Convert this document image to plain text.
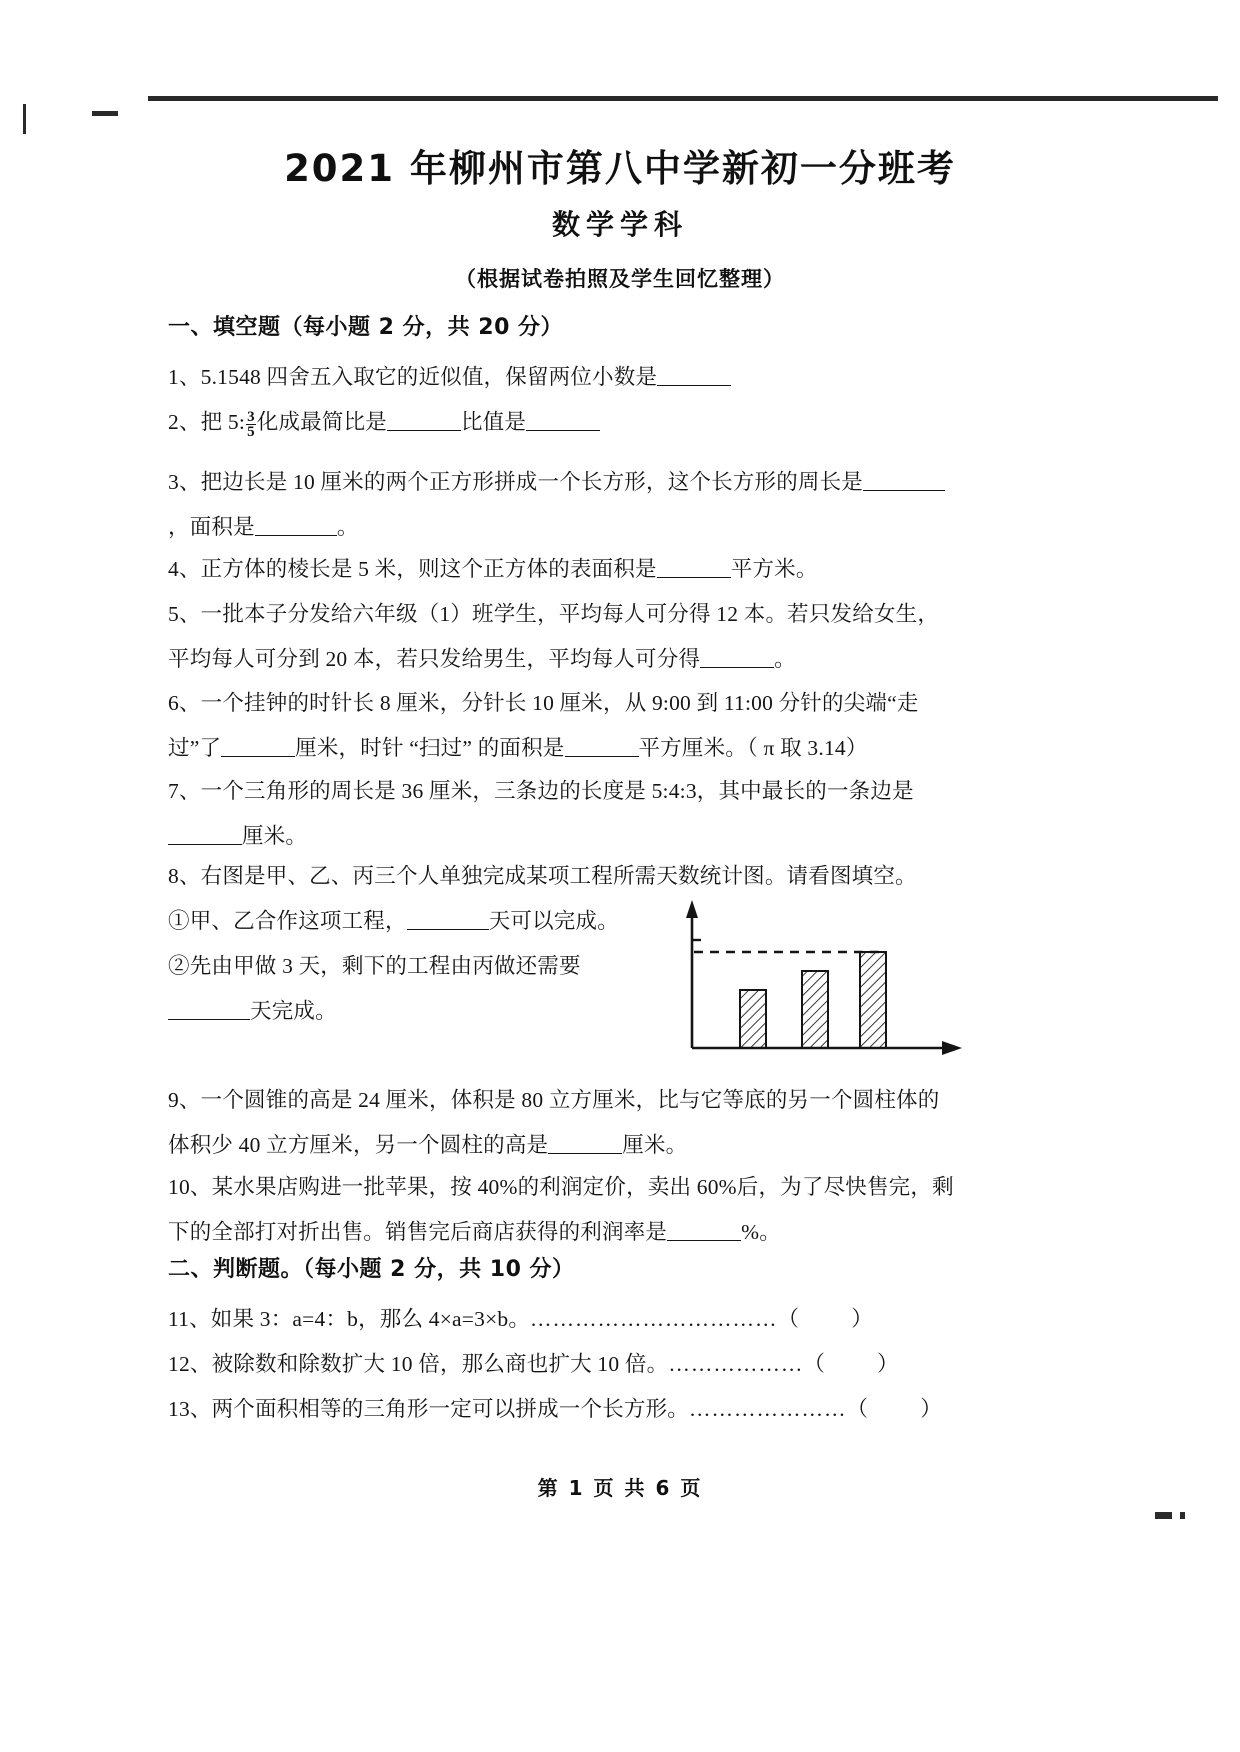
2021 年柳州市第八中学新初一分班考
数学学科
（根据试卷拍照及学生回忆整理）
一、填空题（每小题 2 分，共 20 分）
1、5.1548 四舍五入取它的近似值，保留两位小数是
2、把 5: $\frac{3}{5}$ 化成最简比是	比值是
3、把边长是 10 厘米的两个正方形拼成一个长方形，这个长方形的周长是，面积是	。
4、正方体的棱长是 5 米，则这个正方体的表面积是	平方米。
5、一批本子分发给六年级（1）班学生，平均每人可分得 12 本。若只发给女生，平均每人可分到 20 本，若只发给男生，平均每人可分得	。
6、一个挂钟的时针长 8 厘米，分针长 10 厘米，从 9:00 到 11:00 分针的尖端“走过”了	厘米，时针 “扫过” 的面积是	平方厘米。（ π 取 3.14）
7、一个三角形的周长是 36 厘米，三条边的长度是 5:4:3，其中最长的一条边是厘米。
8、右图是甲、乙、丙三个人单独完成某项工程所需天数统计图。请看图填空。
①甲、乙合作这项工程，	天可以完成。
②先由甲做 3 天，剩下的工程由丙做还需要
天完成。
9、一个圆锥的高是 24 厘米，体积是 80 立方厘米，比与它等底的另一个圆柱体的体积少 40 立方厘米，另一个圆柱的高是	厘米。
10、某水果店购进一批苹果，按 40%的利润定价，卖出 60%后，为了尽快售完，剩下的全部打对折出售。销售完后商店获得的利润率是	%。
二、判断题。（每小题 2 分，共 10 分）
11、如果 3：a=4：b，那么 4×a=3×b。……………………………（ ）
12、被除数和除数扩大 10 倍，那么商也扩大 10 倍。………………（ ）
13、两个面积相等的三角形一定可以拼成一个长方形。…………………（ ）
第 1 页 共 6 页
